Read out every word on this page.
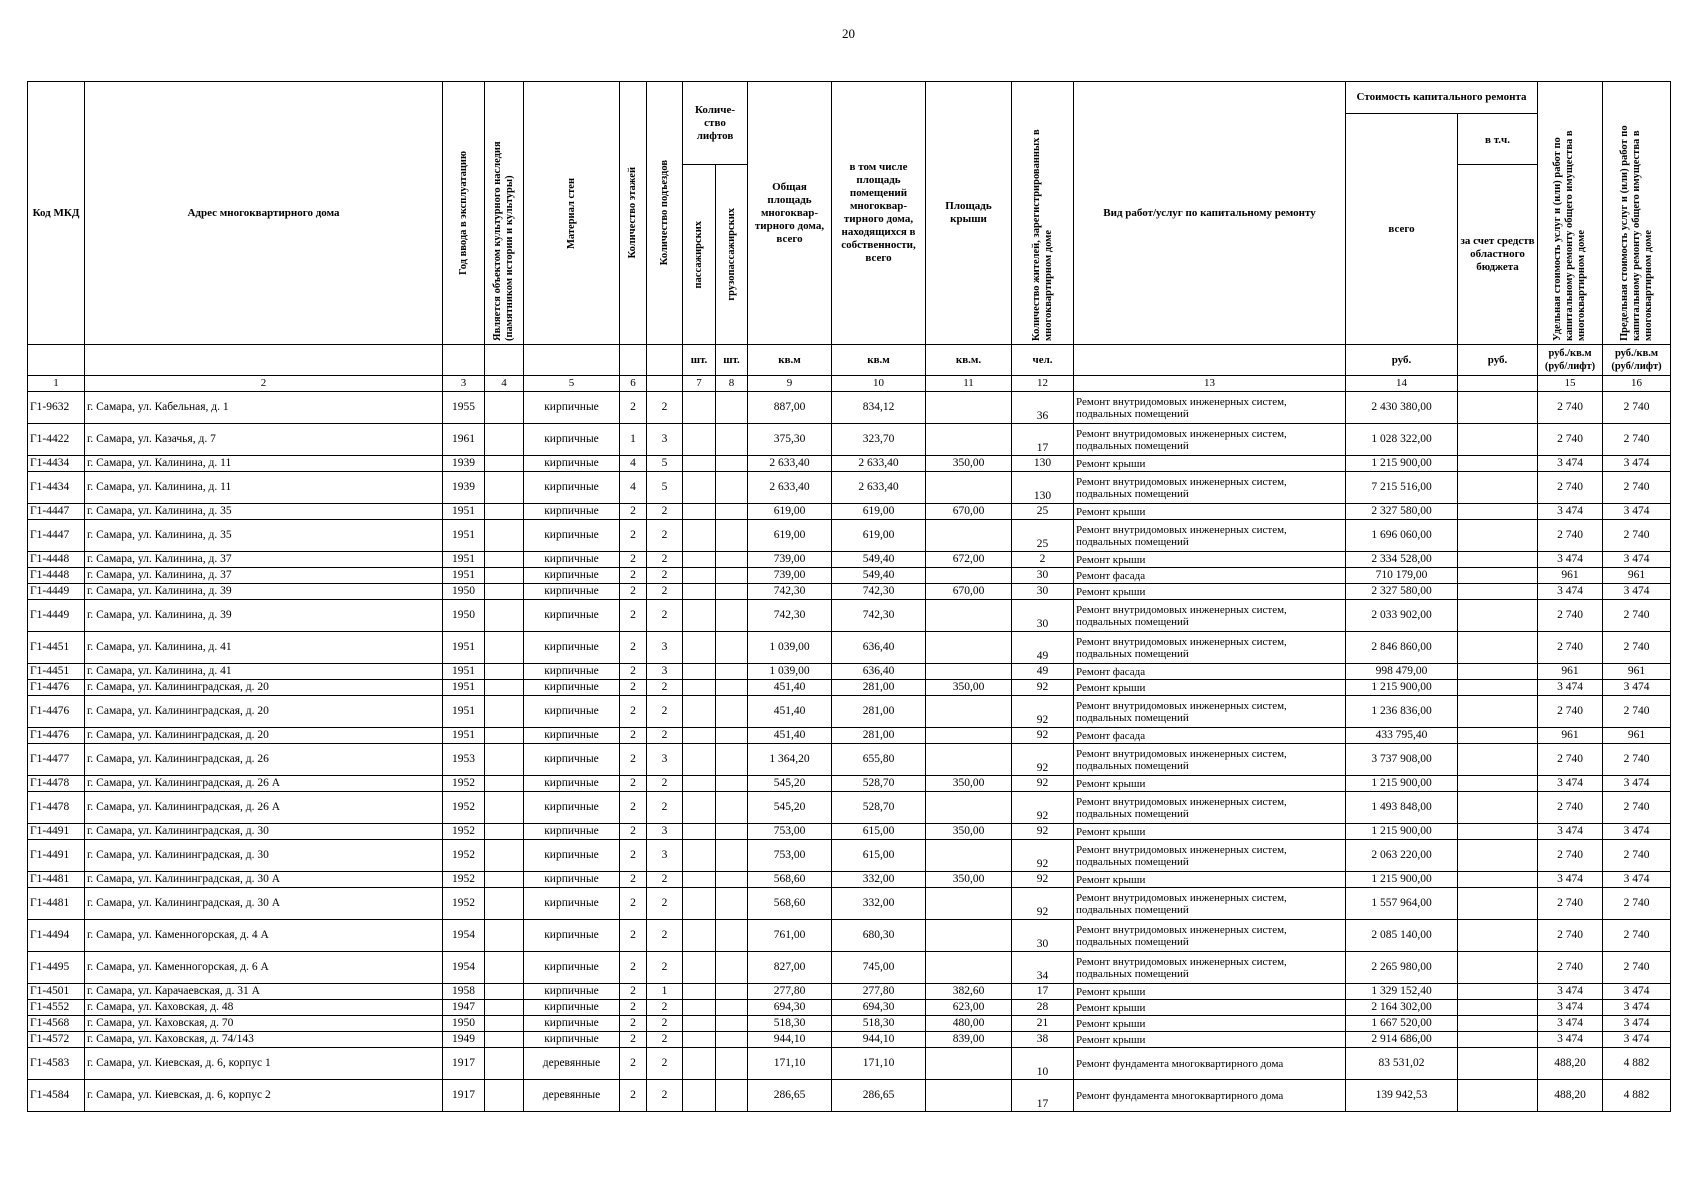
20
Код МКД	Адрес многоквартирного дома	Год ввода в эксплуатацию	Является объектом культурного наследия (памятником истории и культуры)	Материал стен	Количество этажей	Количество подъездов	Количе-ство лифтов		Общая площадь многоквар-тирного дома, всего	в том числе площадь помещений многоквар-тирного дома, находящихся в собственности, всего	Площадь крыши	Количество жителей, зарегистрированных в многоквартирном доме	Вид работ/услуг по капитальному ремонту	Стоимость капитального ремонта		Удельная стоимость услуг и (или) работ по капитальному ремонту общего имущества в многоквартирном доме	Предельная стоимость услуг и (или) работ по капитальному ремонту общего имущества в многоквартирном доме

														всего	в т.ч.		

							пассажирских	грузопассажирских							за счет средств областного бюджета		
							шт.	шт.	кв.м	кв.м	кв.м.	чел.		руб.	руб.	руб./кв.м (руб/лифт)	руб./кв.м (руб/лифт)
1	2	3	4	5	6		7	8	9	10	11	12	13	14		15	16
Г1-9632	г. Самара, ул. Кабельная, д. 1	1955		кирпичные	2	2			887,00	834,12		36	Ремонт внутридомовых инженерных систем, подвальных помещений	2 430 380,00		2 740	2 740
Г1-4422	г. Самара, ул. Казачья, д. 7	1961		кирпичные	1	3			375,30	323,70		17	Ремонт внутридомовых инженерных систем, подвальных помещений	1 028 322,00		2 740	2 740
Г1-4434	г. Самара, ул. Калинина, д. 11	1939		кирпичные	4	5			2 633,40	2 633,40	350,00	130	Ремонт крыши	1 215 900,00		3 474	3 474
Г1-4434	г. Самара, ул. Калинина, д. 11	1939		кирпичные	4	5			2 633,40	2 633,40		130	Ремонт внутридомовых инженерных систем, подвальных помещений	7 215 516,00		2 740	2 740
Г1-4447	г. Самара, ул. Калинина, д. 35	1951		кирпичные	2	2			619,00	619,00	670,00	25	Ремонт крыши	2 327 580,00		3 474	3 474
Г1-4447	г. Самара, ул. Калинина, д. 35	1951		кирпичные	2	2			619,00	619,00		25	Ремонт внутридомовых инженерных систем, подвальных помещений	1 696 060,00		2 740	2 740
Г1-4448	г. Самара, ул. Калинина, д. 37	1951		кирпичные	2	2			739,00	549,40	672,00	2	Ремонт крыши	2 334 528,00		3 474	3 474
Г1-4448	г. Самара, ул. Калинина, д. 37	1951		кирпичные	2	2			739,00	549,40		30	Ремонт фасада	710 179,00		961	961
Г1-4449	г. Самара, ул. Калинина, д. 39	1950		кирпичные	2	2			742,30	742,30	670,00	30	Ремонт крыши	2 327 580,00		3 474	3 474
Г1-4449	г. Самара, ул. Калинина, д. 39	1950		кирпичные	2	2			742,30	742,30		30	Ремонт внутридомовых инженерных систем, подвальных помещений	2 033 902,00		2 740	2 740
Г1-4451	г. Самара, ул. Калинина, д. 41	1951		кирпичные	2	3			1 039,00	636,40		49	Ремонт внутридомовых инженерных систем, подвальных помещений	2 846 860,00		2 740	2 740
Г1-4451	г. Самара, ул. Калинина, д. 41	1951		кирпичные	2	3			1 039,00	636,40		49	Ремонт фасада	998 479,00		961	961
Г1-4476	г. Самара, ул. Калининградская, д. 20	1951		кирпичные	2	2			451,40	281,00	350,00	92	Ремонт крыши	1 215 900,00		3 474	3 474
Г1-4476	г. Самара, ул. Калининградская, д. 20	1951		кирпичные	2	2			451,40	281,00		92	Ремонт внутридомовых инженерных систем, подвальных помещений	1 236 836,00		2 740	2 740
Г1-4476	г. Самара, ул. Калининградская, д. 20	1951		кирпичные	2	2			451,40	281,00		92	Ремонт фасада	433 795,40		961	961
Г1-4477	г. Самара, ул. Калининградская, д. 26	1953		кирпичные	2	3			1 364,20	655,80		92	Ремонт внутридомовых инженерных систем, подвальных помещений	3 737 908,00		2 740	2 740
Г1-4478	г. Самара, ул. Калининградская, д. 26 А	1952		кирпичные	2	2			545,20	528,70	350,00	92	Ремонт крыши	1 215 900,00		3 474	3 474
Г1-4478	г. Самара, ул. Калининградская, д. 26 А	1952		кирпичные	2	2			545,20	528,70		92	Ремонт внутридомовых инженерных систем, подвальных помещений	1 493 848,00		2 740	2 740
Г1-4491	г. Самара, ул. Калининградская, д. 30	1952		кирпичные	2	3			753,00	615,00	350,00	92	Ремонт крыши	1 215 900,00		3 474	3 474
Г1-4491	г. Самара, ул. Калининградская, д. 30	1952		кирпичные	2	3			753,00	615,00		92	Ремонт внутридомовых инженерных систем, подвальных помещений	2 063 220,00		2 740	2 740
Г1-4481	г. Самара, ул. Калининградская, д. 30 А	1952		кирпичные	2	2			568,60	332,00	350,00	92	Ремонт крыши	1 215 900,00		3 474	3 474
Г1-4481	г. Самара, ул. Калининградская, д. 30 А	1952		кирпичные	2	2			568,60	332,00		92	Ремонт внутридомовых инженерных систем, подвальных помещений	1 557 964,00		2 740	2 740
Г1-4494	г. Самара, ул. Каменногорская, д. 4 А	1954		кирпичные	2	2			761,00	680,30		30	Ремонт внутридомовых инженерных систем, подвальных помещений	2 085 140,00		2 740	2 740
Г1-4495	г. Самара, ул. Каменногорская, д. 6 А	1954		кирпичные	2	2			827,00	745,00		34	Ремонт внутридомовых инженерных систем, подвальных помещений	2 265 980,00		2 740	2 740
Г1-4501	г. Самара, ул. Карачаевская, д. 31 А	1958		кирпичные	2	1			277,80	277,80	382,60	17	Ремонт крыши	1 329 152,40		3 474	3 474
Г1-4552	г. Самара, ул. Каховская, д. 48	1947		кирпичные	2	2			694,30	694,30	623,00	28	Ремонт крыши	2 164 302,00		3 474	3 474
Г1-4568	г. Самара, ул. Каховская, д. 70	1950		кирпичные	2	2			518,30	518,30	480,00	21	Ремонт крыши	1 667 520,00		3 474	3 474
Г1-4572	г. Самара, ул. Каховская, д. 74/143	1949		кирпичные	2	2			944,10	944,10	839,00	38	Ремонт крыши	2 914 686,00		3 474	3 474
Г1-4583	г. Самара, ул. Киевская, д. 6, корпус 1	1917		деревянные	2	2			171,10	171,10		10	Ремонт фундамента многоквартирного дома	83 531,02		488,20	4 882
Г1-4584	г. Самара, ул. Киевская, д. 6, корпус 2	1917		деревянные	2	2			286,65	286,65		17	Ремонт фундамента многоквартирного дома	139 942,53		488,20	4 882
